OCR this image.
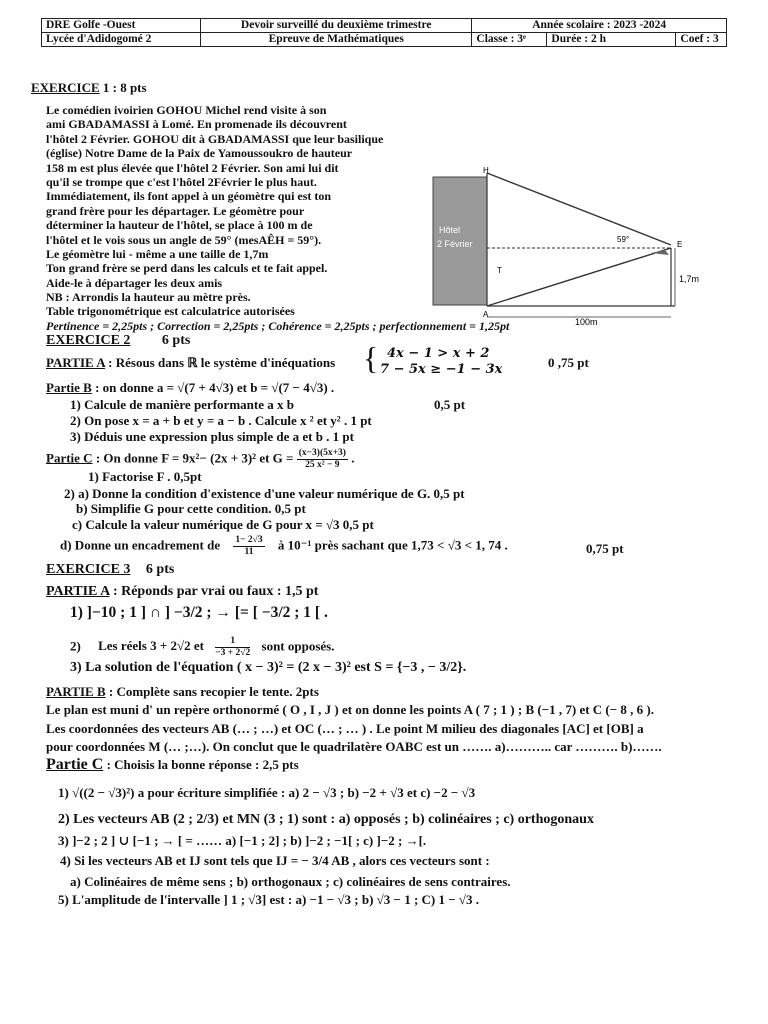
DRE Golfe -Ouest	Devoir surveillé du deuxième trimestre	Année scolaire : 2023 -2024		
Lycée d'Adidogomé 2	Epreuve de Mathématiques	Classe : 3ᵉ	Durée : 2 h	Coef : 3
EXERCICE 1 : 8 pts
Le comédien ivoirien GOHOU Michel rend visite à son
ami GBADAMASSI à Lomé. En promenade ils découvrent
l'hôtel 2 Février. GOHOU dit à GBADAMASSI que leur basilique
(église) Notre Dame de la Paix de Yamoussoukro de hauteur
158 m est plus élevée que l'hôtel 2 Février. Son ami lui dit
qu'il se trompe que c'est l'hôtel 2Février le plus haut.
Immédiatement, ils font appel à un géomètre qui est ton
grand frère pour les départager. Le géomètre pour
déterminer la hauteur de l'hôtel, se place à 100 m de
l'hôtel et le vois sous un angle de 59° (mesAÊH = 59°).
Le géomètre lui - même a une taille de 1,7m
Ton grand frère se perd dans les calculs et te fait appel.
Aide-le à départager les deux amis
NB : Arrondis la hauteur au mètre près.
Table trigonométrique est calculatrice autorisées
Pertinence = 2,25pts ; Correction = 2,25pts ; Cohérence = 2,25pts ; perfectionnement = 1,25pt
Hôtel
2 Février
H
E
T
A
59°
1,7m
100m
EXERCICE 2 6 pts
PARTIE A : Résous dans ℝ le système d'inéquations { 4x − 1 > x + 2
7 − 5x ≥ −1 − 3x	0 ,75 pt
Partie B : on donne a = √(7 + 4√3) et b = √(7 − 4√3) .
1) Calcule de manière performante a x b	0,5 pt
2) On pose x = a + b et y = a − b . Calcule x ² et y² . 1 pt
3) Déduis une expression plus simple de a et b . 1 pt
Partie C : On donne F = 9x²− (2x + 3)² et $G = \frac{(x-3)(5x+3)}{\text{25 x² − 9}}$ .
1) Factorise F . 0,5pt
2) a) Donne la condition d'existence d'une valeur numérique de G. 0,5 pt
b) Simplifie G pour cette condition. 0,5 pt
c) Calcule la valeur numérique de G pour x = √3 0,5 pt
d) Donne un encadrement de $\frac{1- 2√3}{11}$ à 10⁻¹ près sachant que 1,73 < √3 < 1, 74 .	0,75 pt
EXERCICE 3 6 pts
PARTIE A : Réponds par vrai ou faux : 1,5 pt
1) ]−10 ; 1 ] ∩ ] −3/2 ; → [= [ −3/2 ; 1 [ .
2) Les réels 3 + 2√2 et $\frac{1}{-3 + 2√2}$ sont opposés.
3) La solution de l'équation ( x − 3)² = (2 x − 3)² est S = {−3 , − 3/2}.
PARTIE B : Complète sans recopier le tente. 2pts
Le plan est muni d' un repère orthonormé ( O , I , J ) et on donne les points A ( 7 ; 1 ) ; B (−1 , 7) et C (− 8 , 6 ).
Les coordonnées des vecteurs AB (… ; …) et OC (… ; … ) . Le point M milieu des diagonales [AC] et [OB] a
pour coordonnées M (… ;…). On conclut que le quadrilatère OABC est un ……. a)……….. car ………. b)…….
Partie C : Choisis la bonne réponse : 2,5 pts
1) √((2 − √3)²) a pour écriture simplifiée : a) 2 − √3 ; b) −2 + √3 et c) −2 − √3
2) Les vecteurs AB (2 ; 2/3) et MN (3 ; 1) sont : a) opposés ; b) colinéaires ; c) orthogonaux
3) ]−2 ; 2 ] ∪ [−1 ; → [ = …… a) [−1 ; 2] ; b) ]−2 ; −1[ ; c) ]−2 ; →[.
4) Si les vecteurs AB et IJ sont tels que IJ = − 3/4 AB , alors ces vecteurs sont :
a) Colinéaires de même sens ; b) orthogonaux ; c) colinéaires de sens contraires.
5) L'amplitude de l'intervalle ] 1 ; √3] est : a) −1 − √3 ; b) √3 − 1 ; C) 1 − √3 .
